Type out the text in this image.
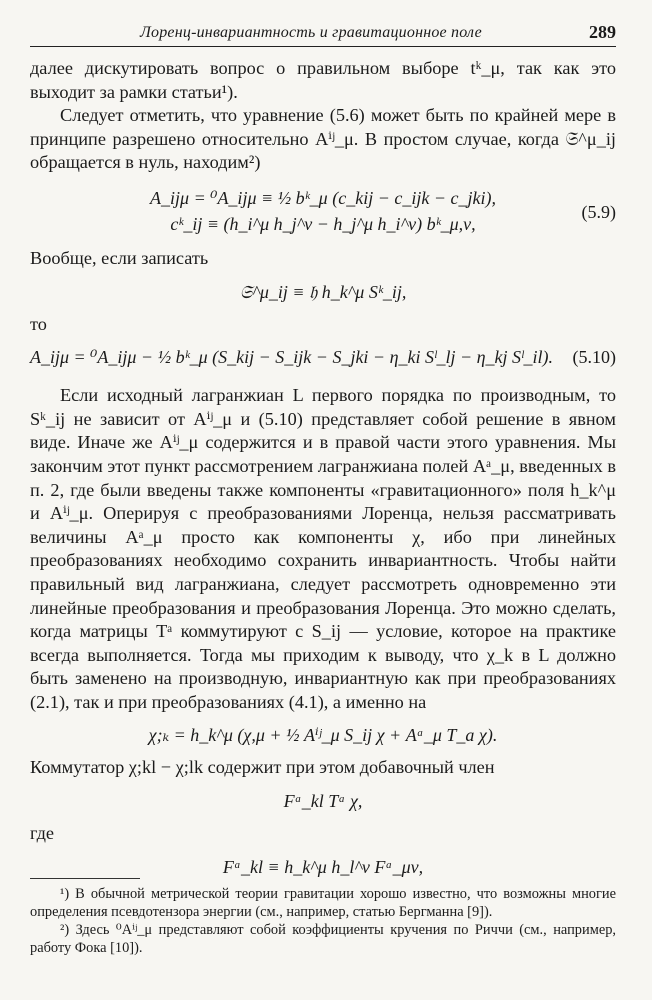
Лоренц-инвариантность и гравитационное поле	289

далее дискутировать вопрос о правильном выборе tᵏ_μ, так как это выходит за рамки статьи¹).

Следует отметить, что уравнение (5.6) может быть по крайней мере в принципе разрешено относительно Aⁱʲ_μ. В простом случае, когда 𝔖^μ_ij обращается в нуль, находим²)

A_ijμ = ⁰A_ijμ ≡ ½ bᵏ_μ (c_kij − c_ijk − c_jki),
cᵏ_ij ≡ (h_i^μ h_j^ν − h_j^μ h_i^ν) bᵏ_μ,ν,
(5.9)

Вообще, если записать

𝔖^μ_ij ≡ 𝔥 h_k^μ Sᵏ_ij,

то

A_ijμ = ⁰A_ijμ − ½ bᵏ_μ (S_kij − S_ijk − S_jki − η_ki Sˡ_lj − η_kj Sˡ_il). (5.10)

Если исходный лагранжиан L первого порядка по производным, то Sᵏ_ij не зависит от Aⁱʲ_μ и (5.10) представляет собой решение в явном виде. Иначе же Aⁱʲ_μ содержится и в правой части этого уравнения. Мы закончим этот пункт рассмотрением лагранжиана полей Aᵃ_μ, введенных в п. 2, где были введены также компоненты «гравитационного» поля h_k^μ и Aⁱʲ_μ. Оперируя с преобразованиями Лоренца, нельзя рассматривать величины Aᵃ_μ просто как компоненты χ, ибо при линейных преобразованиях необходимо сохранить инвариантность. Чтобы найти правильный вид лагранжиана, следует рассмотреть одновременно эти линейные преобразования и преобразования Лоренца. Это можно сделать, когда матрицы Tᵃ коммутируют с S_ij — условие, которое на практике всегда выполняется. Тогда мы приходим к выводу, что χ_k в L должно быть заменено на производную, инвариантную как при преобразованиях (2.1), так и при преобразованиях (4.1), а именно на

χ;ₖ = h_k^μ (χ,μ + ½ Aⁱʲ_μ S_ij χ + Aᵃ_μ T_a χ).

Коммутатор χ;kl − χ;lk содержит при этом добавочный член

Fᵃ_kl Tᵃ χ,

где

Fᵃ_kl ≡ h_k^μ h_l^ν Fᵃ_μν,

¹) В обычной метрической теории гравитации хорошо известно, что возможны многие определения псевдотензора энергии (см., например, статью Бергманна [9]).

²) Здесь ⁰Aⁱʲ_μ представляют собой коэффициенты кручения по Риччи (см., например, работу Фока [10]).
